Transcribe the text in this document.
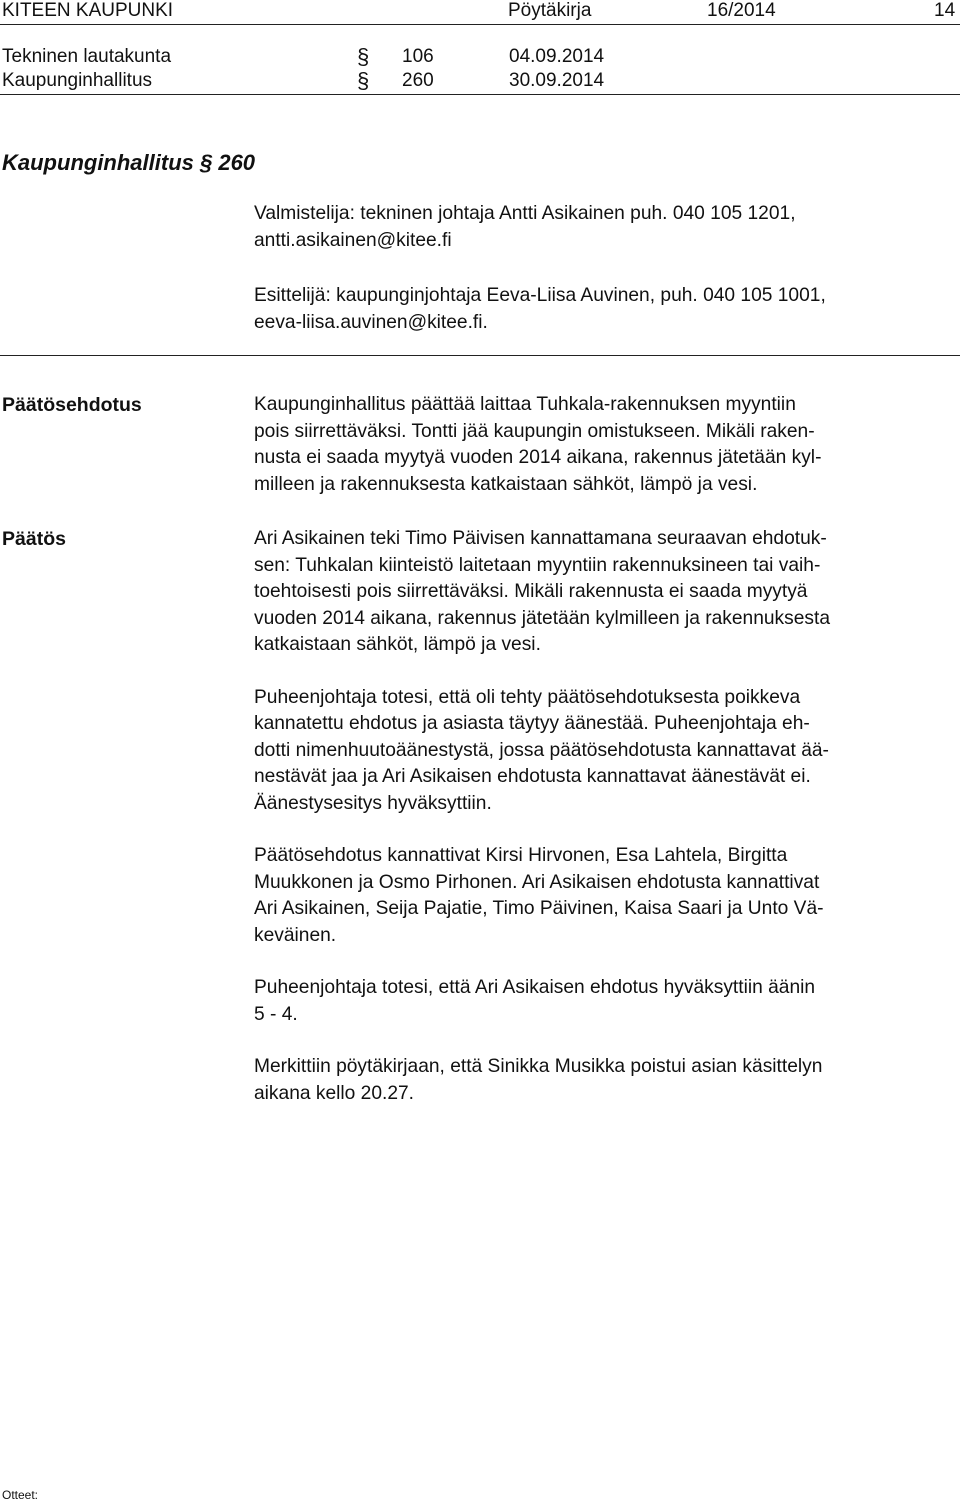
KITEEN KAUPUNKI	Pöytäkirja	16/2014	14
Tekninen lautakunta	§ 106	04.09.2014
Kaupunginhallitus	§ 260	30.09.2014
Kaupunginhallitus § 260
Valmistelija: tekninen johtaja Antti Asikainen puh. 040 105 1201,
antti.asikainen@kitee.fi
Esittelijä: kaupunginjohtaja Eeva-Liisa Auvinen, puh. 040 105 1001,
eeva-liisa.auvinen@kitee.fi.
Päätösehdotus	Kaupunginhallitus päättää laittaa Tuhkala-rakennuksen myyntiin
pois siirrettäväksi. Tontti jää kaupungin omistukseen. Mikäli raken-
nusta ei saada myytyä vuoden 2014 aikana, rakennus jätetään kyl-
milleen ja rakennuksesta katkaistaan sähköt, lämpö ja vesi.
Päätös	Ari Asikainen teki Timo Päivisen kannattamana seuraavan ehdotuk-
sen: Tuhkalan kiinteistö laitetaan myyntiin rakennuksineen tai vaih-
toehtoisesti pois siirrettäväksi. Mikäli rakennusta ei saada myytyä
vuoden 2014 aikana, rakennus jätetään kylmilleen ja rakennuksesta
katkaistaan sähköt, lämpö ja vesi.

Puheenjohtaja totesi, että oli tehty päätösehdotuksesta poikkeva
kannatettu ehdotus ja asiasta täytyy äänestää. Puheenjohtaja eh-
dotti nimenhuutoäänestystä, jossa päätösehdotusta kannattavat ää-
nestävät jaa ja Ari Asikaisen ehdotusta kannattavat äänestävät ei.
Äänestysesitys hyväksyttiin.

Päätösehdotus kannattivat Kirsi Hirvonen, Esa Lahtela, Birgitta
Muukkonen ja Osmo Pirhonen. Ari Asikaisen ehdotusta kannattivat
Ari Asikainen, Seija Pajatie, Timo Päivinen, Kaisa Saari ja Unto Vä-
keväinen.

Puheenjohtaja totesi, että Ari Asikaisen ehdotus hyväksyttiin äänin
5 - 4.

Merkittiin pöytäkirjaan, että Sinikka Musikka poistui asian käsittelyn
aikana kello 20.27.

Otteet:
